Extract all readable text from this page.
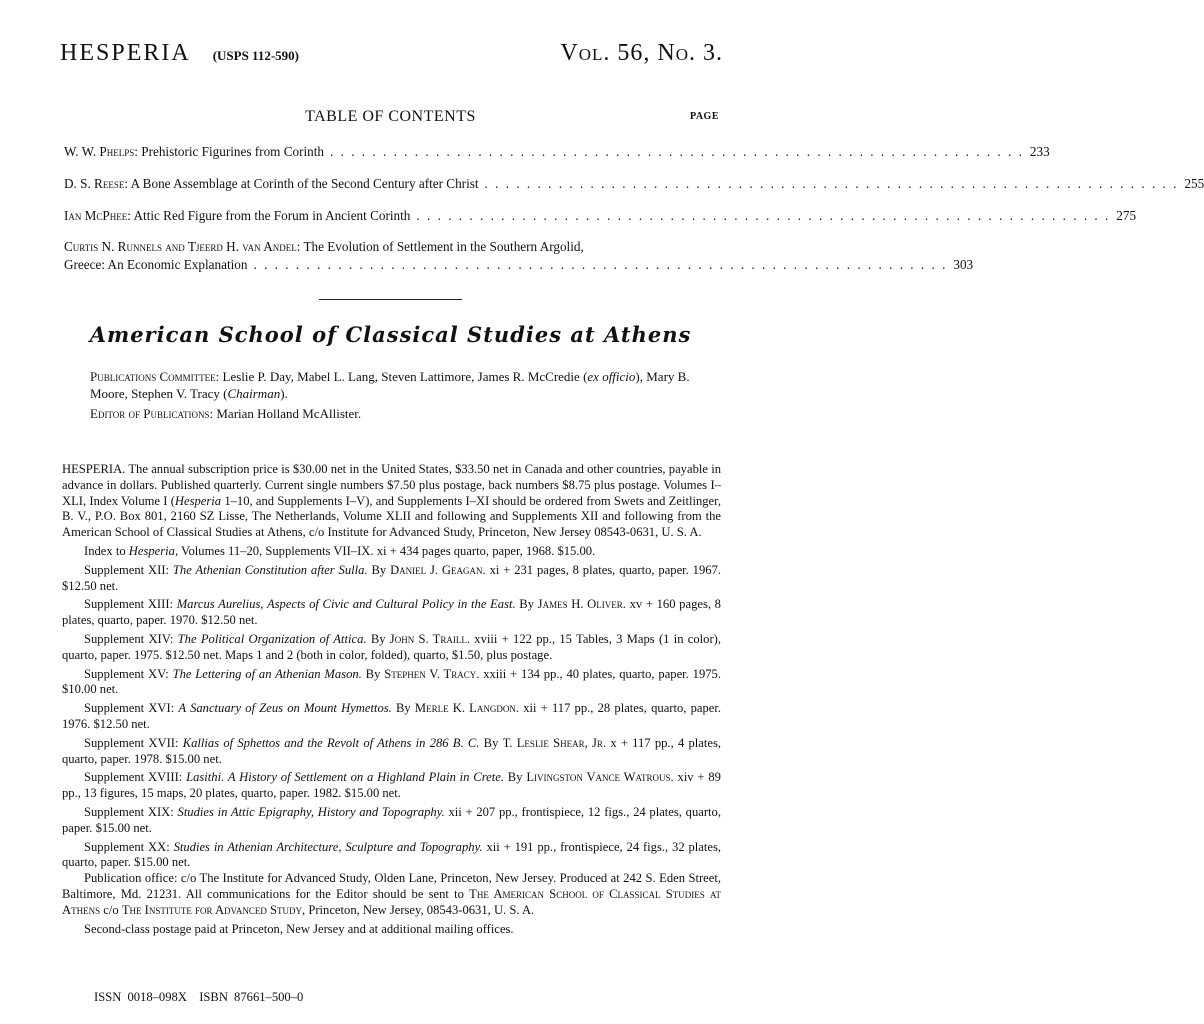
HESPERIA (USPS 112-590)	Vol. 56, No. 3.
TABLE OF CONTENTS	PAGE
W. W. Phelps: Prehistoric Figurines from Corinth . . . . . . . . . . . . . . . . . . . . . . . . . . . . . . . . . . . . . . . . . . . . . . . . . . . . . . . . . . . . . . . . . . 233
D. S. Reese: A Bone Assemblage at Corinth of the Second Century after Christ . . . . . . . . . . . . . . . . . . . . . . . . . . . . . . . . . . . . . . . . . . . . . . . . . . . . . . . . . . . . . . . . . . 255
Ian McPhee: Attic Red Figure from the Forum in Ancient Corinth . . . . . . . . . . . . . . . . . . . . . . . . . . . . . . . . . . . . . . . . . . . . . . . . . . . . . . . . . . . . . . . . . . 275
Curtis N. Runnels and Tjeerd H. van Andel: The Evolution of Settlement in the Southern Argolid,
Greece: An Economic Explanation . . . . . . . . . . . . . . . . . . . . . . . . . . . . . . . . . . . . . . . . . . . . . . . . . . . . . . . . . . . . . . . . . . 303
American School of Classical Studies at Athens

Publications Committee: Leslie P. Day, Mabel L. Lang, Steven Lattimore, James R. McCredie (ex officio), Mary B. Moore, Stephen V. Tracy (Chairman).

Editor of Publications: Marian Holland McAllister.

HESPERIA. The annual subscription price is $30.00 net in the United States, $33.50 net in Canada and other countries, payable in advance in dollars. Published quarterly. Current single numbers $7.50 plus postage, back numbers $8.75 plus postage. Volumes I–XLI, Index Volume I (Hesperia 1–10, and Supplements I–V), and Supplements I–XI should be ordered from Swets and Zeitlinger, B. V., P.O. Box 801, 2160 SZ Lisse, The Netherlands, Volume XLII and following and Supplements XII and following from the American School of Classical Studies at Athens, c/o Institute for Advanced Study, Princeton, New Jersey 08543-0631, U. S. A.

Index to Hesperia, Volumes 11–20, Supplements VII–IX. xi + 434 pages quarto, paper, 1968. $15.00.

Supplement XII: The Athenian Constitution after Sulla. By Daniel J. Geagan. xi + 231 pages, 8 plates, quarto, paper. 1967. $12.50 net.

Supplement XIII: Marcus Aurelius, Aspects of Civic and Cultural Policy in the East. By James H. Oliver. xv + 160 pages, 8 plates, quarto, paper. 1970. $12.50 net.

Supplement XIV: The Political Organization of Attica. By John S. Traill. xviii + 122 pp., 15 Tables, 3 Maps (1 in color), quarto, paper. 1975. $12.50 net. Maps 1 and 2 (both in color, folded), quarto, $1.50, plus postage.

Supplement XV: The Lettering of an Athenian Mason. By Stephen V. Tracy. xxiii + 134 pp., 40 plates, quarto, paper. 1975. $10.00 net.

Supplement XVI: A Sanctuary of Zeus on Mount Hymettos. By Merle K. Langdon. xii + 117 pp., 28 plates, quarto, paper. 1976. $12.50 net.

Supplement XVII: Kallias of Sphettos and the Revolt of Athens in 286 B. C. By T. Leslie Shear, Jr. x + 117 pp., 4 plates, quarto, paper. 1978. $15.00 net.

Supplement XVIII: Lasithi. A History of Settlement on a Highland Plain in Crete. By Livingston Vance Watrous. xiv + 89 pp., 13 figures, 15 maps, 20 plates, quarto, paper. 1982. $15.00 net.

Supplement XIX: Studies in Attic Epigraphy, History and Topography. xii + 207 pp., frontispiece, 12 figs., 24 plates, quarto, paper. $15.00 net.

Supplement XX: Studies in Athenian Architecture, Sculpture and Topography. xii + 191 pp., frontispiece, 24 figs., 32 plates, quarto, paper. $15.00 net.

Publication office: c/o The Institute for Advanced Study, Olden Lane, Princeton, New Jersey. Produced at 242 S. Eden Street, Baltimore, Md. 21231. All communications for the Editor should be sent to The American School of Classical Studies at Athens c/o The Institute for Advanced Study, Princeton, New Jersey, 08543-0631, U. S. A.

Second-class postage paid at Princeton, New Jersey and at additional mailing offices.

ISSN 0018–098X ISBN 87661–500–0
